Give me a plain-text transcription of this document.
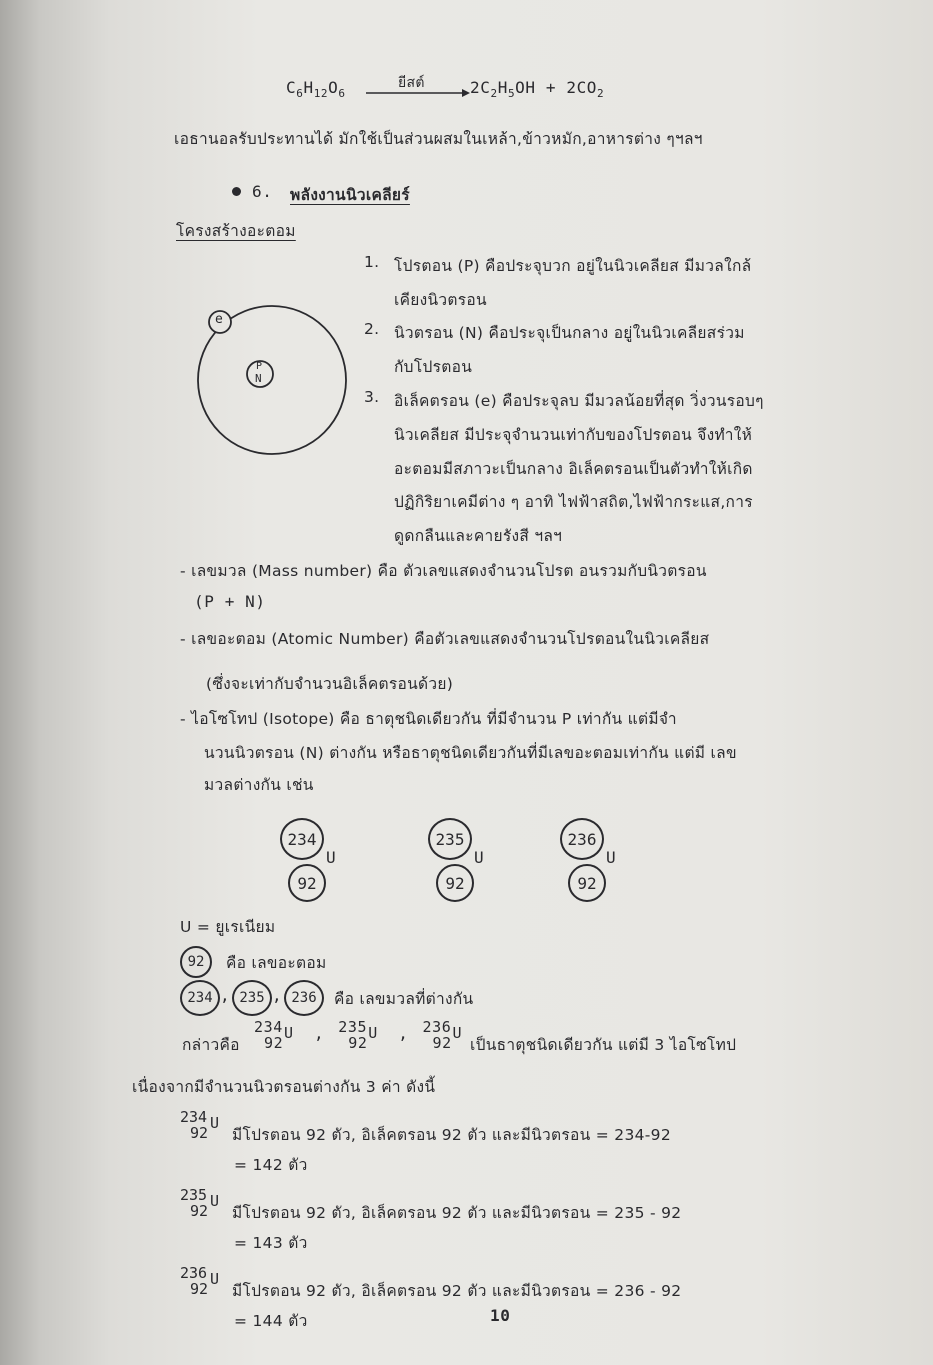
$C_6H_{12}O_6$
ยีสต์	$2C_2H_5OH + 2CO_2$
เอธานอลรับประทานได้ มักใช้เป็นส่วนผสมในเหล้า,ข้าวหมัก,อาหารต่าง ๆฯลฯ
6. พลังงานนิวเคลียร์
โครงสร้างอะตอม
e
P
N
1. โปรตอน (P) คือประจุบวก อยู่ในนิวเคลียส มีมวลใกล้
เคียงนิวตรอน
2. นิวตรอน (N) คือประจุเป็นกลาง อยู่ในนิวเคลียสร่วม
กับโปรตอน
3. อิเล็คตรอน (e) คือประจุลบ มีมวลน้อยที่สุด วิ่งวนรอบๆ
นิวเคลียส มีประจุจำนวนเท่ากับของโปรตอน จึงทำให้
อะตอมมีสภาวะเป็นกลาง อิเล็คตรอนเป็นตัวทำให้เกิด
ปฏิกิริยาเคมีต่าง ๆ อาทิ ไฟฟ้าสถิต,ไฟฟ้ากระแส,การ
ดูดกลืนและคายรังสี ฯลฯ
- เลขมวล (Mass number) คือ ตัวเลขแสดงจำนวนโปรต อนรวมกับนิวตรอน
(P + N)
- เลขอะตอม (Atomic Number) คือตัวเลขแสดงจำนวนโปรตอนในนิวเคลียส
(ซึ่งจะเท่ากับจำนวนอิเล็คตรอนด้วย)
- ไอโซโทป (Isotope) คือ ธาตุชนิดเดียวกัน ที่มีจำนวน P เท่ากัน แต่มีจำ
นวนนิวตรอน (N) ต่างกัน หรือธาตุชนิดเดียวกันที่มีเลขอะตอมเท่ากัน แต่มี เลข
มวลต่างกัน เช่น
234
92
U
235
92
U
236
92
U
U = ยูเรเนียม
92	คือ เลขอะตอม
234 , 235 , 236	คือ เลขมวลที่ต่างกัน
กล่าวคือ
234
92
U , 235
92
U , 236
92
U
เป็นธาตุชนิดเดียวกัน แต่มี 3 ไอโซโทป
เนื่องจากมีจำนวนนิวตรอนต่างกัน 3 ค่า ดังนี้
234
92
U
มีโปรตอน 92 ตัว, อิเล็คตรอน 92 ตัว และมีนิวตรอน = 234-92
= 142 ตัว
235
92
U
มีโปรตอน 92 ตัว, อิเล็คตรอน 92 ตัว และมีนิวตรอน = 235 - 92
= 143 ตัว
236
92
U
มีโปรตอน 92 ตัว, อิเล็คตรอน 92 ตัว และมีนิวตรอน = 236 - 92
= 144 ตัว	10
